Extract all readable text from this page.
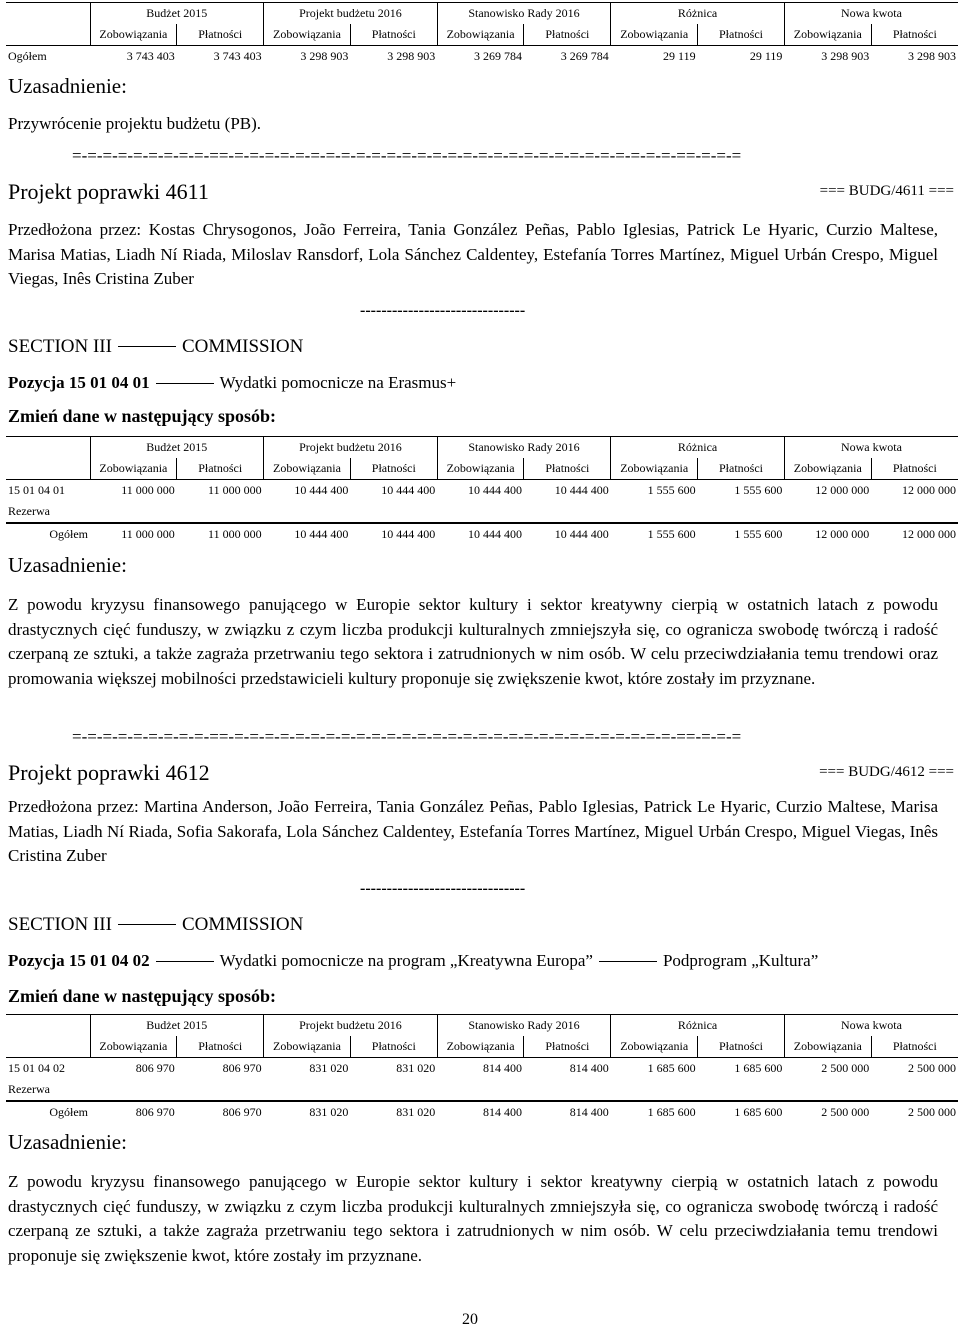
	Budżet 2015		Projekt budżetu 2016		Stanowisko Rady 2016		Różnica		Nowa kwota	
	Zobowiązania	Płatności	Zobowiązania	Płatności	Zobowiązania	Płatności	Zobowiązania	Płatności	Zobowiązania	Płatności
Ogółem	3 743 403	3 743 403	3 298 903	3 298 903	3 269 784	3 269 784	29 119	29 119	3 298 903	3 298 903
Uzasadnienie:
Przywrócenie projektu budżetu (PB).
=-=-=-=-=-=-=-=-=-==-=-=-=-=-=-=-=-=-=-=-=-=-=-=-=-=-=-=-=-=-=-=-=-=-=-=-=-=-=-==-=-=-=
Projekt poprawki 4611	=== BUDG/4611 ===
Przedłożona przez: Kostas Chrysogonos, João Ferreira, Tania González Peñas, Pablo Iglesias, Patrick Le Hyaric, Curzio Maltese, Marisa Matias, Liadh Ní Riada, Miloslav Ransdorf, Lola Sánchez Caldentey, Estefanía Torres Martínez, Miguel Urbán Crespo, Miguel Viegas, Inês Cristina Zuber
-------------------------------
SECTION III	COMMISSION
Pozycja 15 01 04 01	Wydatki pomocnicze na Erasmus+
Zmień dane w następujący sposób:
	Budżet 2015		Projekt budżetu 2016		Stanowisko Rady 2016		Różnica		Nowa kwota	
	Zobowiązania	Płatności	Zobowiązania	Płatności	Zobowiązania	Płatności	Zobowiązania	Płatności	Zobowiązania	Płatności
15 01 04 01	11 000 000	11 000 000	10 444 400	10 444 400	10 444 400	10 444 400	1 555 600	1 555 600	12 000 000	12 000 000
Rezerwa										
Ogółem	11 000 000	11 000 000	10 444 400	10 444 400	10 444 400	10 444 400	1 555 600	1 555 600	12 000 000	12 000 000
Uzasadnienie:
Z powodu kryzysu finansowego panującego w Europie sektor kultury i sektor kreatywny cierpią w ostatnich latach z powodu drastycznych cięć funduszy, w związku z czym liczba produkcji kulturalnych zmniejszyła się, co ogranicza swobodę twórczą i radość czerpaną ze sztuki, a także zagraża przetrwaniu tego sektora i zatrudnionych w nim osób. W celu przeciwdziałania temu trendowi oraz promowania większej mobilności przedstawicieli kultury proponuje się zwiększenie kwot, które zostały im przyznane.
=-=-=-=-=-=-=-=-=-==-=-=-=-=-=-=-=-=-=-=-=-=-=-=-=-=-=-=-=-=-=-=-=-=-=-=-=-=-=-==-=-=-=
Projekt poprawki 4612	=== BUDG/4612 ===
Przedłożona przez: Martina Anderson, João Ferreira, Tania González Peñas, Pablo Iglesias, Patrick Le Hyaric, Curzio Maltese, Marisa Matias, Liadh Ní Riada, Sofia Sakorafa, Lola Sánchez Caldentey, Estefanía Torres Martínez, Miguel Urbán Crespo, Miguel Viegas, Inês Cristina Zuber
-------------------------------
SECTION III	COMMISSION
Pozycja 15 01 04 02	Wydatki pomocnicze na program „Kreatywna Europa”	Podprogram „Kultura”
Zmień dane w następujący sposób:
	Budżet 2015		Projekt budżetu 2016		Stanowisko Rady 2016		Różnica		Nowa kwota	
	Zobowiązania	Płatności	Zobowiązania	Płatności	Zobowiązania	Płatności	Zobowiązania	Płatności	Zobowiązania	Płatności
15 01 04 02	806 970	806 970	831 020	831 020	814 400	814 400	1 685 600	1 685 600	2 500 000	2 500 000
Rezerwa										
Ogółem	806 970	806 970	831 020	831 020	814 400	814 400	1 685 600	1 685 600	2 500 000	2 500 000
Uzasadnienie:
Z powodu kryzysu finansowego panującego w Europie sektor kultury i sektor kreatywny cierpią w ostatnich latach z powodu drastycznych cięć funduszy, w związku z czym liczba produkcji kulturalnych zmniejszyła się, co ogranicza swobodę twórczą i radość czerpaną ze sztuki, a także zagraża przetrwaniu tego sektora i zatrudnionych w nim osób. W celu przeciwdziałania temu trendowi proponuje się zwiększenie kwot, które zostały im przyznane.
20
